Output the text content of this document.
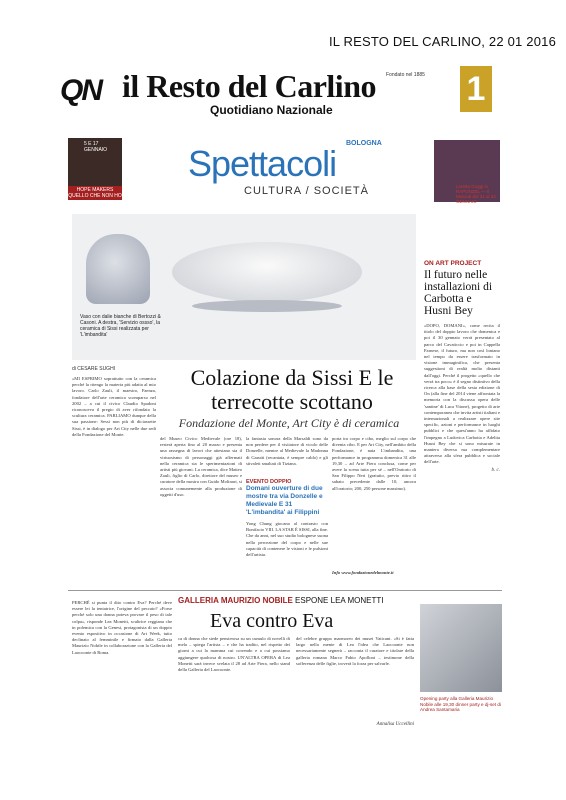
IL RESTO DEL CARLINO, 22 01 2016
QN il Resto del Carlino
Quotidiano Nazionale
Fondato nel 1885 1
5 E 17 GENNAIO
HOPE MAKERS QUELLO CHE NON HO
BOLOGNA
Spettacoli
CULTURA / SOCIETÀ	Loretta Goggi in RAPUNZEL — Il Musical dal 21 al 24 GENNAIO
Vaso con dalie bianche di Bertozzi & Casoni. A destra, 'Servizio ossso', la ceramica di Sissi realizzata per 'L'imbandita'
ON ART PROJECT
Il futuro nelle installazioni di Carbotta e Husni Bey
«DOPO, DOMANI», come recita il titolo del doppio lavoro che domenica e poi il 30 gennaio verrà presentato al parco del Cavaticcio e poi in Cappella Farnese, il futuro, ma non così lontano nel tempo da essere trasformato in visione immaginifica, che presenta suggestioni di realtà molto distanti dall'oggi. Perché il progetto «quello che verrà tra poco» è il segno distintivo della ricerca alla base della sesta edizione di On (alla fine del 2014 viene affrontata la memoria con la discussa opera delle 'santine' di Luca Vitone), progetto di arte contemporanea che invita artisti italiani e internazionali a realizzare opere site specific, azioni e performance in luoghi pubblici e che quest'anno ha affidato l'impegno a Ludovica Carbotta e Adelita Husni Bey che si sono misurate in maniera diversa ma complementare attraverso alla sfera pubblica e sociale dell'arte.
b. c.
di CESARE SUGHI	Colazione da Sissi E le terrecotte scottano
Fondazione del Monte, Art City è di ceramica
«MI ESPRIMO soprattutto con la ceramica perché la ritengo la materia più adatta al mio lavoro. Carlo Zauli, il maestro, Faenza, fondatore dell'arte ceramica scomparso nel 2002 – a cui il civico Claudio Spadoni riconosceva il pregio di aver rifondato la scultura ceramica. PARLIAMO dunque della sua passione: Sessi non più di diciassette Sissi, è in dialogo per Art City nelle due sedi della Fondazione del Monte.
del Museo Civico Medievale (ore 18), resterà aperta fino al 20 marzo e presenta una rassegna di lavori che attestano sia il virtuosismo di personaggi già affermati nella ceramica sia le sperimentazioni di artisti più giovani. La ceramica, dice Matteo Zauli, figlio di Carlo, direttore del museo e curatore della mostra con Guido Molinari, si associa comunemente alla produzione di oggetti d'uso.
la fantasia sonora della Marsaldi sono da non perdere per il visitatore di vicolo delle Donzelle, mentre al Medievale la Madonna di Garutti (recantata, è sempre caldo) e gli stivaleti smaltati di Tiziana.
EVENTO DOPPIO
Domani ouverture di due mostre tra via Donzelle e Medievale E 31 'L'imbandita' ai Filippini
Yong Chung giocano al contrasto con Bonifacio VIII. LA STAR È SISSI, alla fine. Che da anni, nel suo studio bolognese suona nella percezione del corpo e nelle sue capacità di contenere le visioni e le pulsioni dell'artista.
porta tra corpo e cibo, meglio sul corpo che diventa cibo. E per Art City, nell'ambito della Fondazione, è nata L'imbandita, una performance in programma domenica 31 alle 19,30 – ad Arte Fiera conclusa, come per avere la scena tutta per sé – nell'Oratorio di San Filippo Neri (gratuito, previo ritiro il sabato precedente dalle 10, ancora all'oratorio; 200, 250 persone massimo).
Info www.fondazionedelmonte.it
GALLERIA MAURIZIO NOBILE ESPONE LEA MONETTI
Eva contro Eva
PERCHÉ si punta il dito contro Eva? Perché deve essere lei la tentatrice, l'origine del peccato? «Forse perché solo una donna poteva provare il peso di tale colpa», risponde Lea Monetti, scultrice reggiana che in polemica con la Genesi, protagonista di un doppio evento espositivo in occasione di Art Week, tutto declinato al femminile e firmato dalla Galleria Maurizio Nobile in collaborazione con la Galleria del Laocoonte di Roma.
ca di donna che siede pensierosa su un cumulo di novelli di mela – spiega l'artista – e che ha tradito, nel rispetto dei giorni a cui la mamma cui correndo e a cui possiamo aggiungere qualcosa di nostro. UN'ALTRA OPERA di Lea Monetti sarà invece svelata il 28 ad Arte Fiera, nello stand della Galleria del Laocoonte.
del celebre gruppo marmoreo dei musei Vaticani. «Si è fatta largo nella mente di Lea l'idea che Laocoonte non necessariamente segnerà – racconta il curatore e titolare della galleria romana Marco Fabio Apolloni – testimone della sofferenza delle figlie, troverà la forza per salvarle.
Annalisa Uccellini
Opening party alla Galleria Maurizio Nobile alle 19,30 dinner party e dj-set di Andrea Santamaria
